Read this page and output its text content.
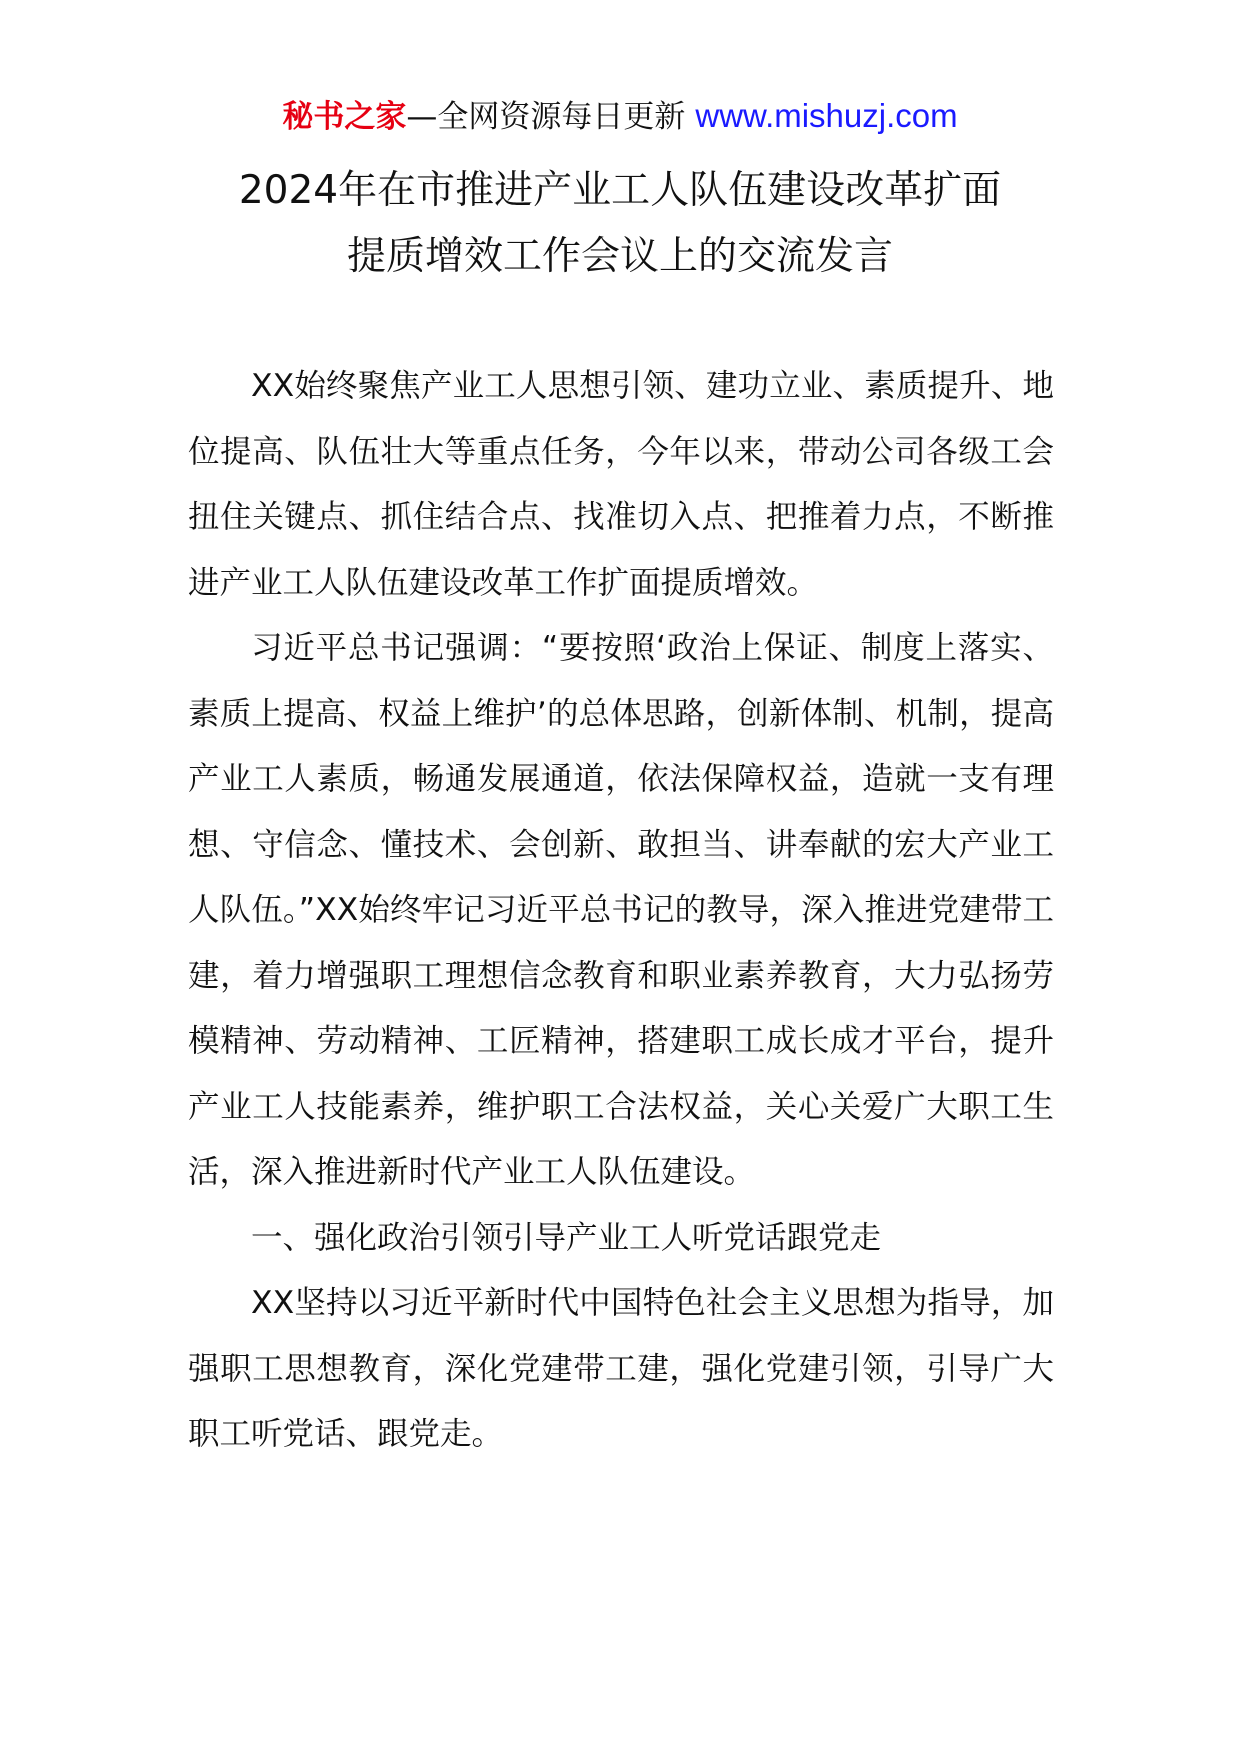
秘书之家—全网资源每日更新 www.mishuzj.com
2024年在市推进产业工人队伍建设改革扩面
提质增效工作会议上的交流发言

XX始终聚焦产业工人思想引领、建功立业、素质提升、地位提高、队伍壮大等重点任务，今年以来，带动公司各级工会扭住关键点、抓住结合点、找准切入点、把推着力点，不断推进产业工人队伍建设改革工作扩面提质增效。

习近平总书记强调：“要按照‘政治上保证、制度上落实、素质上提高、权益上维护’的总体思路，创新体制、机制，提高产业工人素质，畅通发展通道，依法保障权益，造就一支有理想、守信念、懂技术、会创新、敢担当、讲奉献的宏大产业工人队伍。”XX始终牢记习近平总书记的教导，深入推进党建带工建，着力增强职工理想信念教育和职业素养教育，大力弘扬劳模精神、劳动精神、工匠精神，搭建职工成长成才平台，提升产业工人技能素养，维护职工合法权益，关心关爱广大职工生活，深入推进新时代产业工人队伍建设。

一、强化政治引领引导产业工人听党话跟党走

XX坚持以习近平新时代中国特色社会主义思想为指导，加强职工思想教育，深化党建带工建，强化党建引领，引导广大职工听党话、跟党走。
